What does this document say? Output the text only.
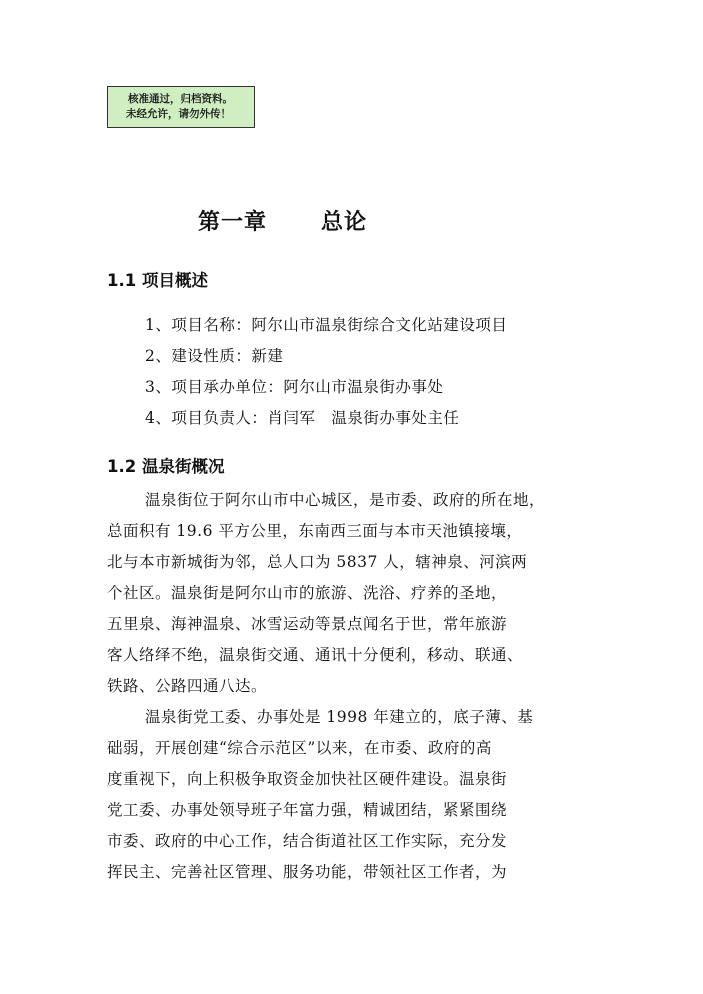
核准通过，归档资料。
未经允许，请勿外传！
第一章 总论
1.1 项目概述
1、项目名称：阿尔山市温泉街综合文化站建设项目
2、建设性质：新建
3、项目承办单位：阿尔山市温泉街办事处
4、项目负责人：肖闫军　温泉街办事处主任
1.2 温泉街概况
温泉街位于阿尔山市中心城区，是市委、政府的所在地，
总面积有 19.6 平方公里，东南西三面与本市天池镇接壤，
北与本市新城街为邻，总人口为 5837 人，辖神泉、河滨两
个社区。温泉街是阿尔山市的旅游、洗浴、疗养的圣地，
五里泉、海神温泉、冰雪运动等景点闻名于世，常年旅游
客人络绎不绝，温泉街交通、通讯十分便利，移动、联通、
铁路、公路四通八达。
温泉街党工委、办事处是 1998 年建立的，底子薄、基
础弱，开展创建“综合示范区”以来，在市委、政府的高
度重视下，向上积极争取资金加快社区硬件建设。温泉街
党工委、办事处领导班子年富力强，精诚团结，紧紧围绕
市委、政府的中心工作，结合街道社区工作实际，充分发
挥民主、完善社区管理、服务功能，带领社区工作者，为
